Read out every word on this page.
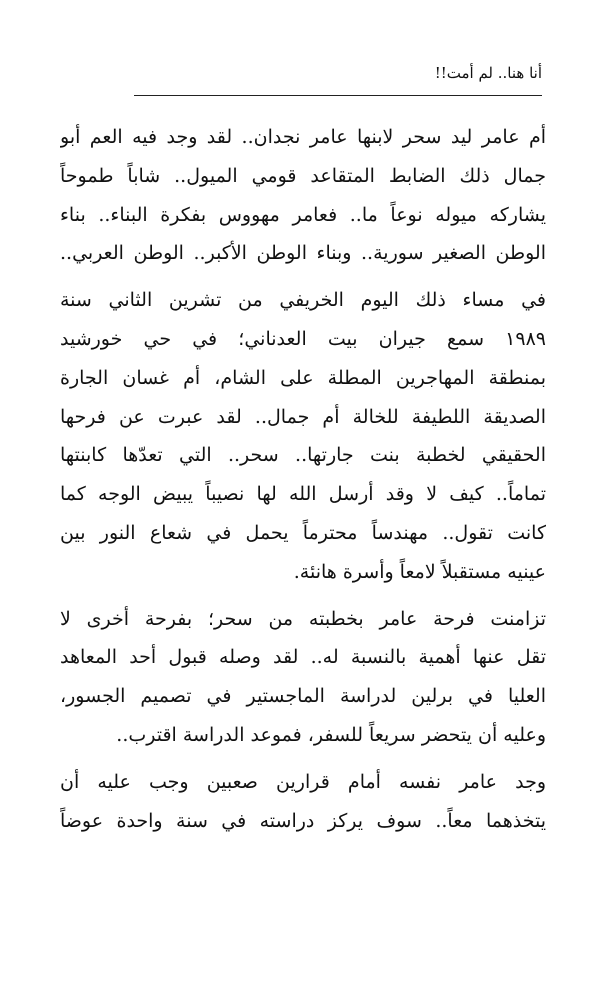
أنا هنا.. لم أمت!!
أم عامر ليد سحر لابنها عامر نجدان.. لقد وجد فيه العم أبو
جمال ذلك الضابط المتقاعد قومي الميول.. شاباً طموحاً
يشاركه ميوله نوعاً ما.. فعامر مهووس بفكرة البناء.. بناء
الوطن الصغير سورية.. وبناء الوطن الأكبر.. الوطن العربي..
في مساء ذلك اليوم الخريفي من تشرين الثاني سنة
١٩٨٩ سمع جيران بيت العدناني؛ في حي خورشيد
بمنطقة المهاجرين المطلة على الشام، أم غسان الجارة
الصديقة اللطيفة للخالة أم جمال.. لقد عبرت عن فرحها
الحقيقي لخطبة بنت جارتها.. سحر.. التي تعدّها كابنتها
تماماً.. كيف لا وقد أرسل الله لها نصيباً يبيض الوجه كما
كانت تقول.. مهندساً محترماً يحمل في شعاع النور بين
عينيه مستقبلاً لامعاً وأسرة هانئة.
تزامنت فرحة عامر بخطبته من سحر؛ بفرحة أخرى لا
تقل عنها أهمية بالنسبة له.. لقد وصله قبول أحد المعاهد
العليا في برلين لدراسة الماجستير في تصميم الجسور،
وعليه أن يتحضر سريعاً للسفر، فموعد الدراسة اقترب..
وجد عامر نفسه أمام قرارين صعبين وجب عليه أن
يتخذهما معاً.. سوف يركز دراسته في سنة واحدة عوضاً
